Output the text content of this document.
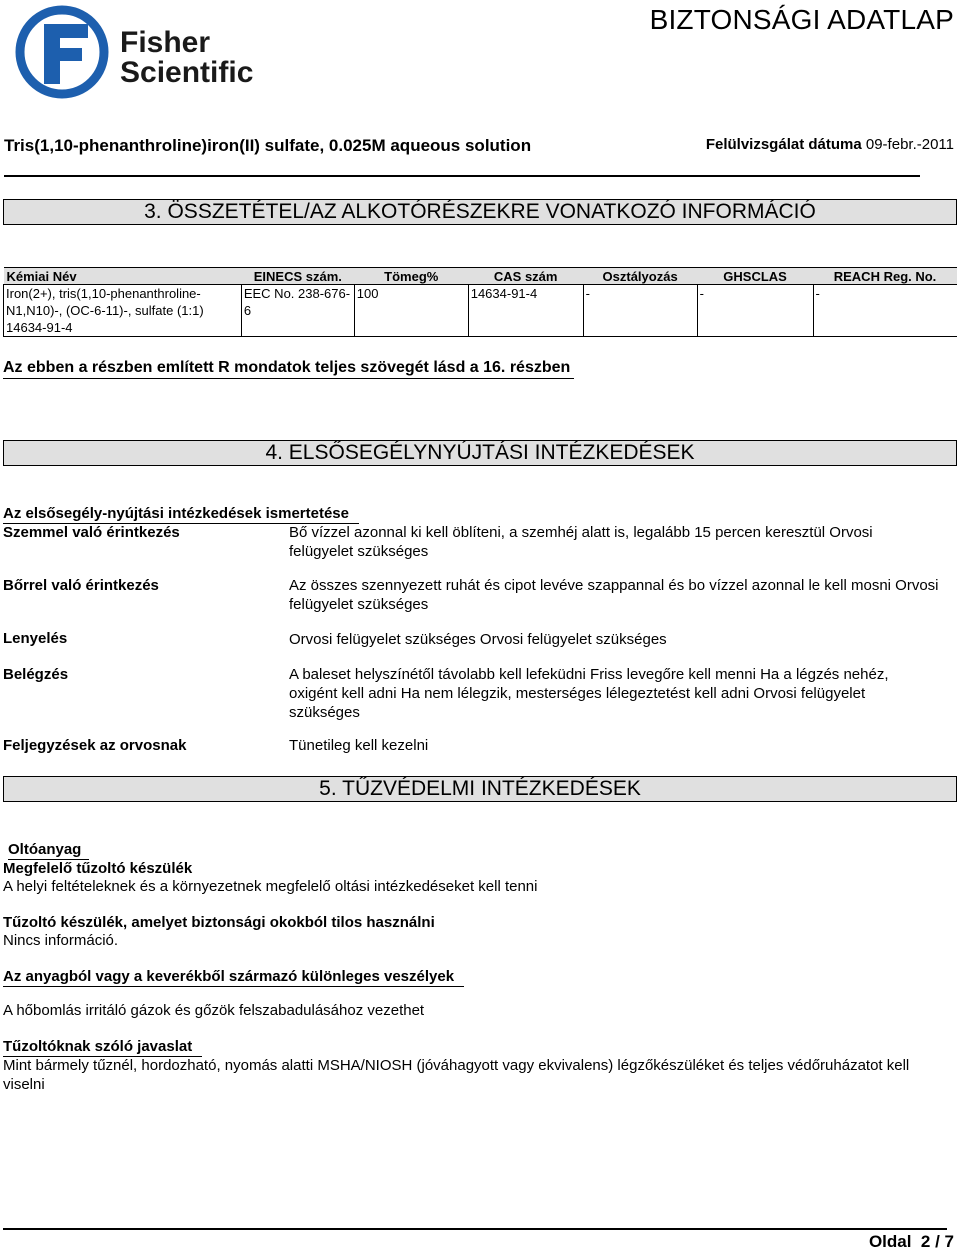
Fisher
Scientific
BIZTONSÁGI ADATLAP
Tris(1,10-phenanthroline)iron(II) sulfate, 0.025M aqueous solution	Felülvizsgálat dátuma 09-febr.-2011
3. ÖSSZETÉTEL/AZ ALKOTÓRÉSZEKRE VONATKOZÓ INFORMÁCIÓ
Kémiai Név	EINECS szám.	Tömeg%	CAS szám	Osztályozás	GHSCLAS	REACH Reg. No.
Iron(2+), tris(1,10-phenanthroline-N1,N10)-, (OC-6-11)-, sulfate (1:1) 14634-91-4	EEC No. 238-676-6	100	14634-91-4	-	-	-
Az ebben a részben említett R mondatok teljes szövegét lásd a 16. részben
4. ELSŐSEGÉLYNYÚJTÁSI INTÉZKEDÉSEK
Az elsősegély-nyújtási intézkedések ismertetése
Szemmel való érintkezés	Bő vízzel azonnal ki kell öblíteni, a szemhéj alatt is, legalább 15 percen keresztül Orvosi felügyelet szükséges
Bőrrel való érintkezés	Az összes szennyezett ruhát és cipot levéve szappannal és bo vízzel azonnal le kell mosni Orvosi felügyelet szükséges
Lenyelés	Orvosi felügyelet szükséges Orvosi felügyelet szükséges
Belégzés	A baleset helyszínétől távolabb kell lefeküdni Friss levegőre kell menni Ha a légzés nehéz, oxigént kell adni Ha nem lélegzik, mesterséges lélegeztetést kell adni Orvosi felügyelet szükséges
Feljegyzések az orvosnak	Tünetileg kell kezelni
5. TŰZVÉDELMI INTÉZKEDÉSEK
Oltóanyag
Megfelelő tűzoltó készülék
A helyi feltételeknek és a környezetnek megfelelő oltási intézkedéseket kell tenni
Tűzoltó készülék, amelyet biztonsági okokból tilos használni
Nincs információ.
Az anyagból vagy a keverékből származó különleges veszélyek
A hőbomlás irritáló gázok és gőzök felszabadulásához vezethet
Tűzoltóknak szóló javaslat
Mint bármely tűznél, hordozható, nyomás alatti MSHA/NIOSH (jóváhagyott vagy ekvivalens) légzőkészüléket és teljes védőruházatot kell viselni
Oldal  2 / 7
